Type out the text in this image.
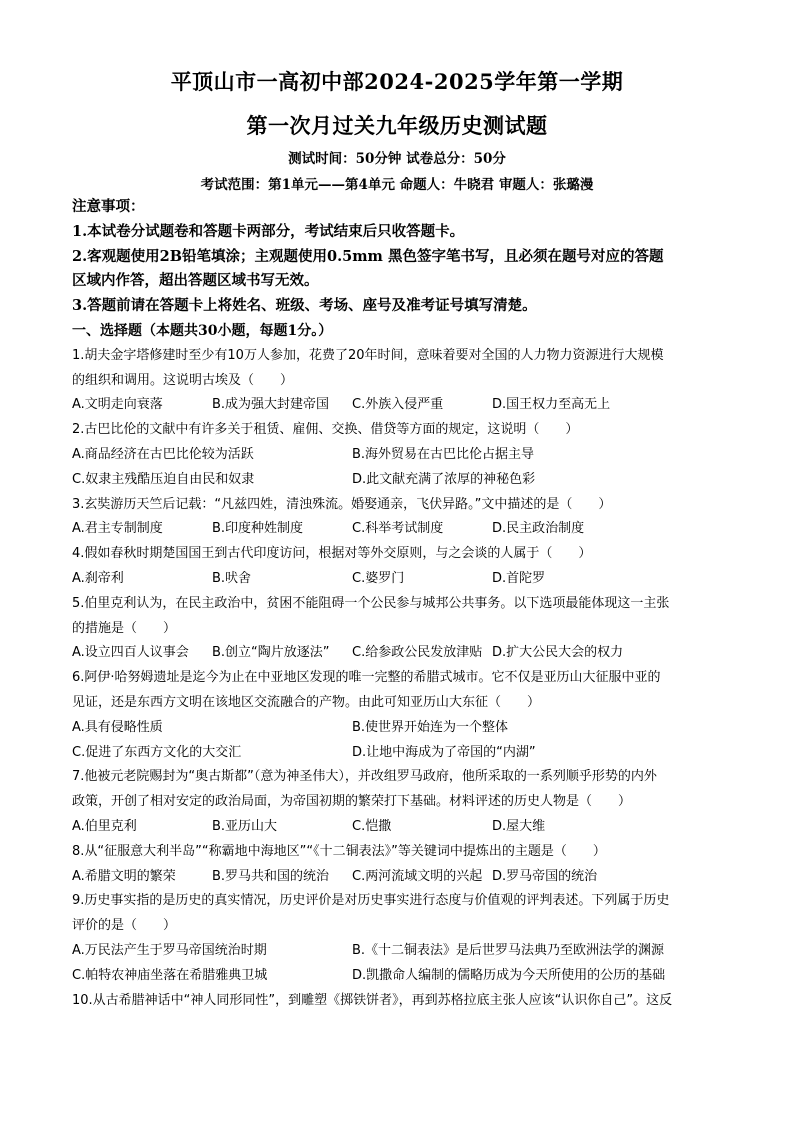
平顶山市一高初中部2024-2025学年第一学期
第一次月过关九年级历史测试题
测试时间：50分钟 试卷总分：50分
考试范围：第1单元——第4单元 命题人：牛晓君 审题人：张璐漫
注意事项：
1.本试卷分试题卷和答题卡两部分，考试结束后只收答题卡。
2.客观题使用2B铅笔填涂；主观题使用0.5mm 黑色签字笔书写，且必须在题号对应的答题
区域内作答，超出答题区域书写无效。
3.答题前请在答题卡上将姓名、班级、考场、座号及准考证号填写清楚。
一、选择题（本题共30小题，每题1分。）
1.胡夫金字塔修建时至少有10万人参加，花费了20年时间，意味着要对全国的人力物力资源进行大规模
的组织和调用。这说明古埃及（　　）
A.文明走向衰落	B.成为强大封建帝国	C.外族入侵严重	D.国王权力至高无上
2.古巴比伦的文献中有许多关于租赁、雇佣、交换、借贷等方面的规定，这说明（　　）
A.商品经济在古巴比伦较为活跃	B.海外贸易在古巴比伦占据主导
C.奴隶主残酷压迫自由民和奴隶	D.此文献充满了浓厚的神秘色彩
3.玄奘游历天竺后记载：“凡兹四姓，清浊殊流。婚娶通亲，飞伏异路。”文中描述的是（　　）
A.君主专制制度	B.印度种姓制度	C.科举考试制度	D.民主政治制度
4.假如春秋时期楚国国王到古代印度访问，根据对等外交原则，与之会谈的人属于（　　）
A.刹帝利	B.吠舍	C.婆罗门	D.首陀罗
5.伯里克利认为，在民主政治中，贫困不能阻碍一个公民参与城邦公共事务。以下选项最能体现这一主张
的措施是（　　）
A.设立四百人议事会	B.创立“陶片放逐法”	C.给参政公民发放津贴 D.扩大公民大会的权力
6.阿伊·哈努姆遗址是迄今为止在中亚地区发现的唯一完整的希腊式城市。它不仅是亚历山大征服中亚的
见证，还是东西方文明在该地区交流融合的产物。由此可知亚历山大东征（　　）
A.具有侵略性质	B.使世界开始连为一个整体
C.促进了东西方文化的大交汇	D.让地中海成为了帝国的“内湖”
7.他被元老院赐封为“奥古斯都”（意为神圣伟大），并改组罗马政府，他所采取的一系列顺乎形势的内外
政策，开创了相对安定的政治局面，为帝国初期的繁荣打下基础。材料评述的历史人物是（　　）
A.伯里克利	B.亚历山大	C.恺撒	D.屋大维
8.从“征服意大利半岛”“称霸地中海地区”“《十二铜表法》”等关键词中提炼出的主题是（　　）
A.希腊文明的繁荣	B.罗马共和国的统治	C.两河流域文明的兴起 D.罗马帝国的统治
9.历史事实指的是历史的真实情况，历史评价是对历史事实进行态度与价值观的评判表述。下列属于历史
评价的是（　　）
A.万民法产生于罗马帝国统治时期	B.《十二铜表法》是后世罗马法典乃至欧洲法学的渊源
C.帕特农神庙坐落在希腊雅典卫城	D.凯撒命人编制的儒略历成为今天所使用的公历的基础
10.从古希腊神话中“神人同形同性”，到雕塑《掷铁饼者》，再到苏格拉底主张人应该“认识你自己”。这反
